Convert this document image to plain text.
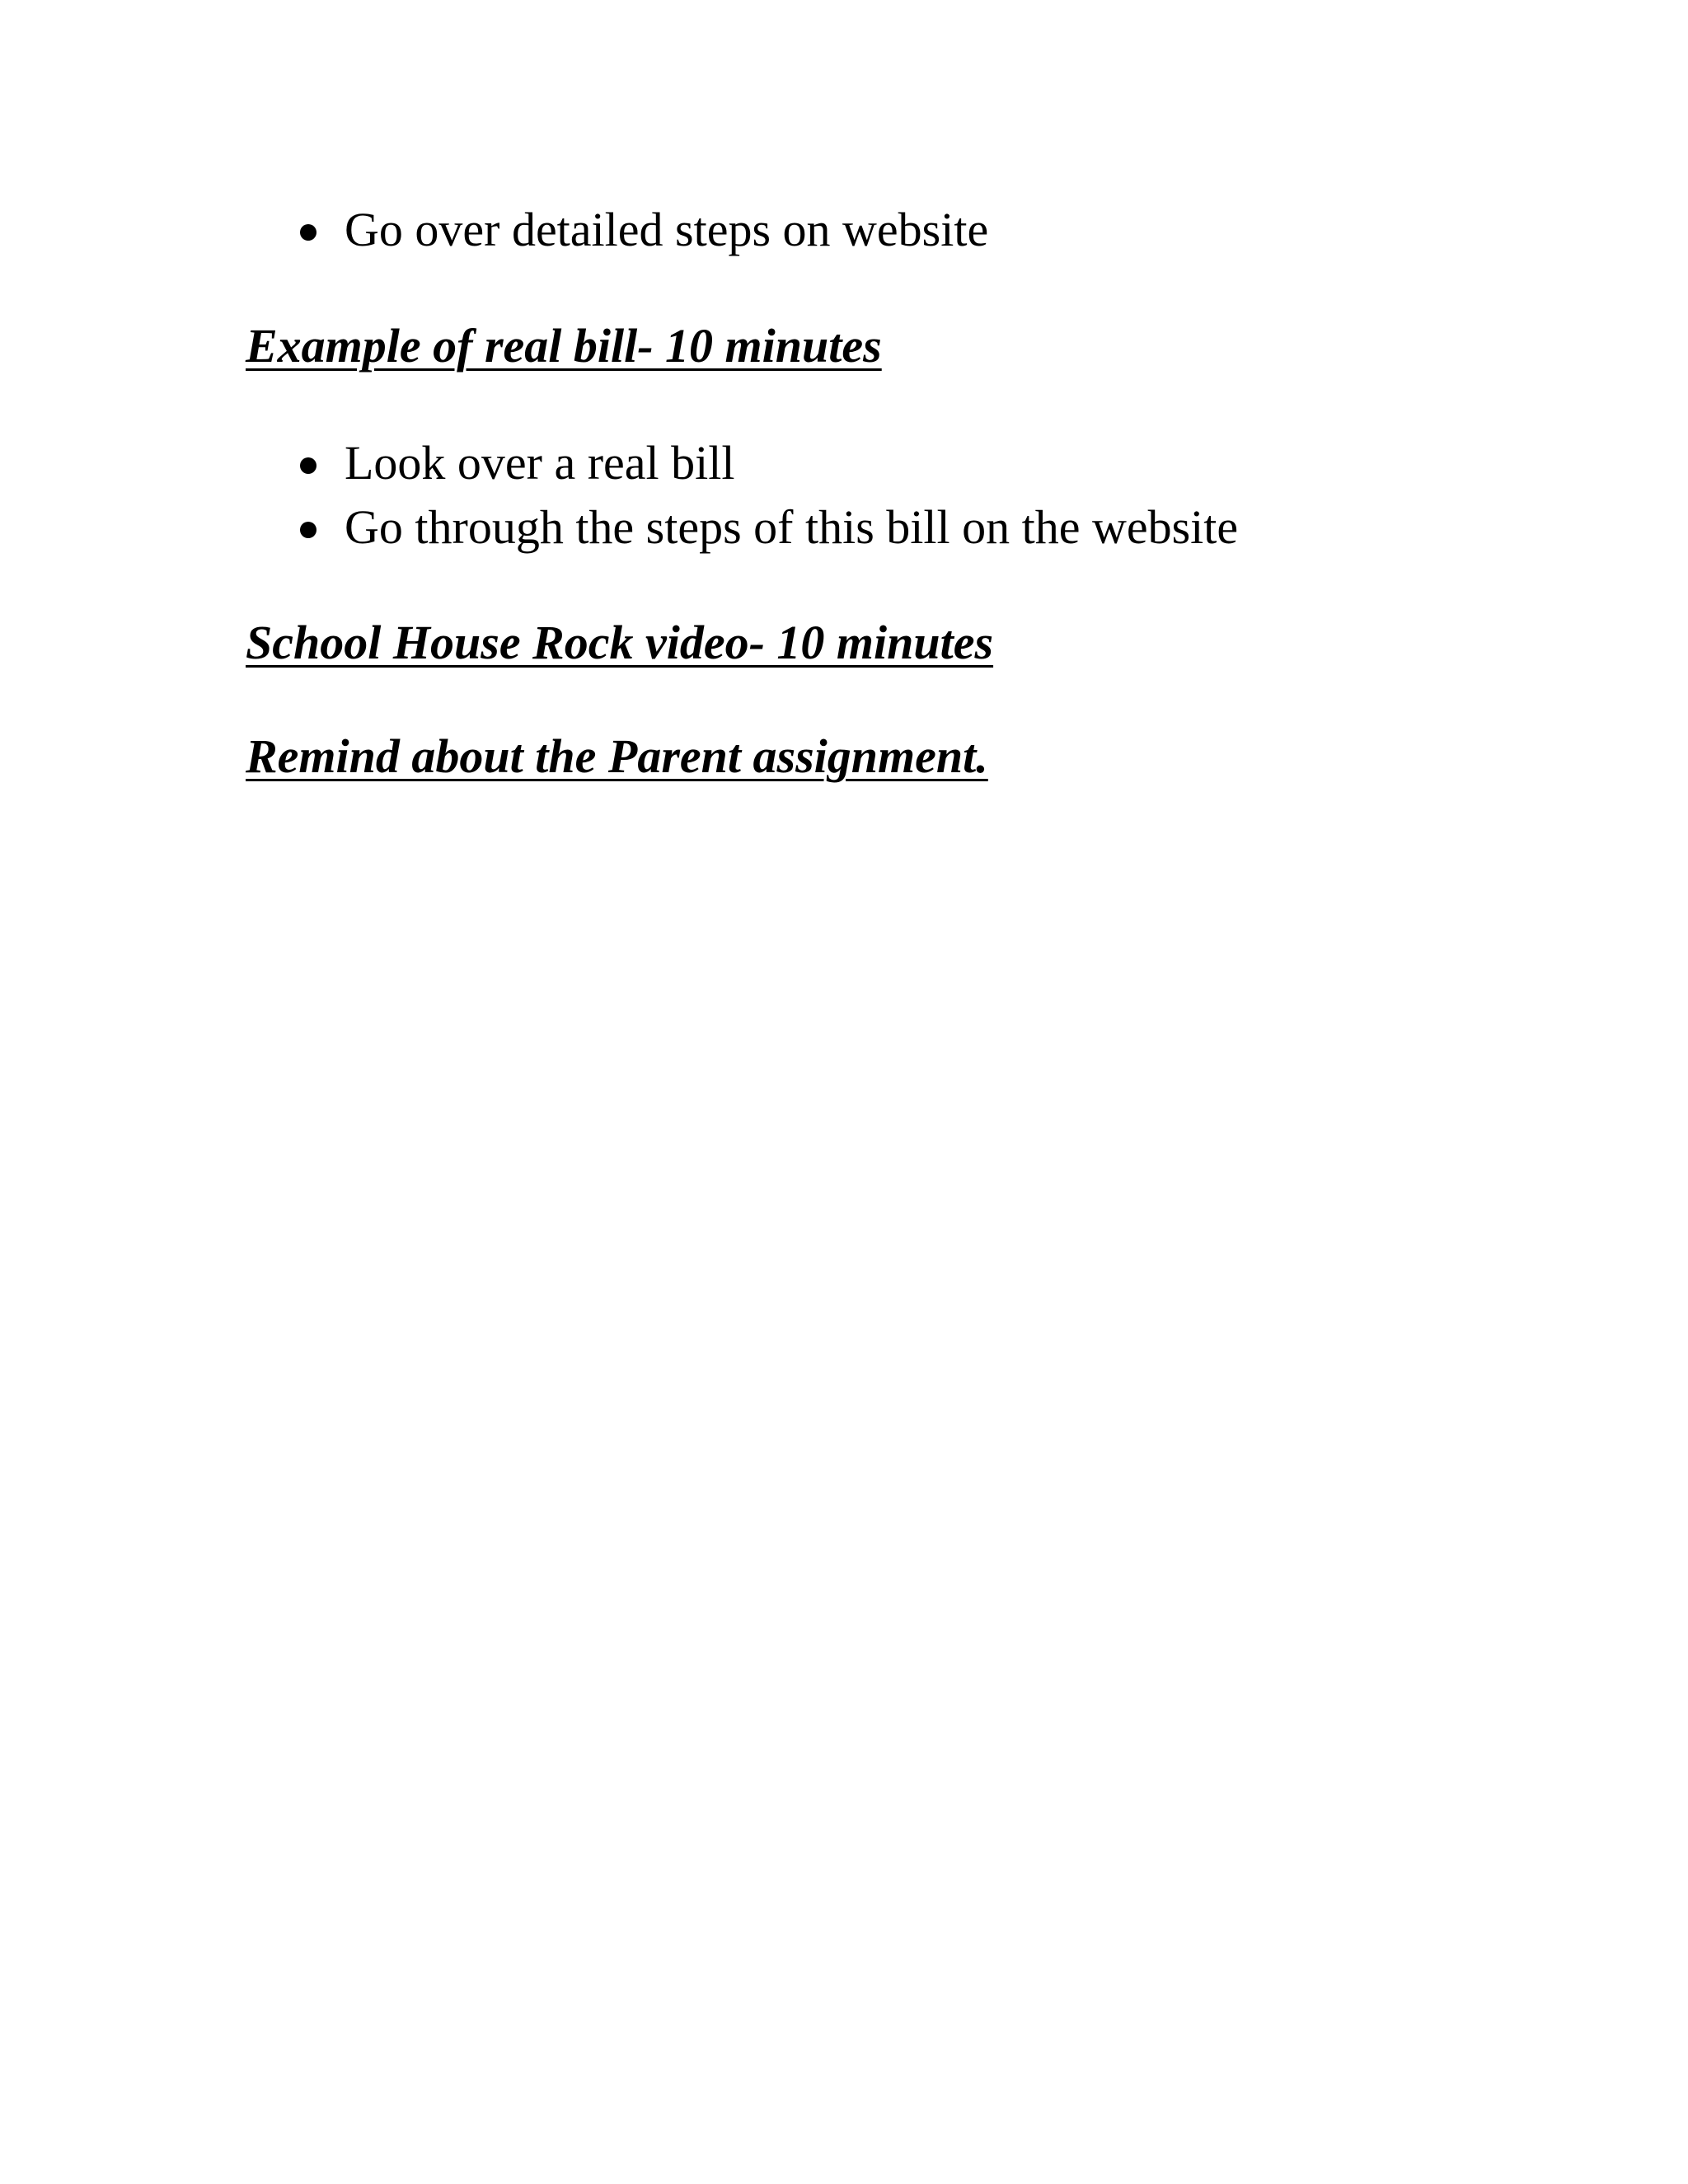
Go over detailed steps on website
Example of real bill- 10 minutes
Look over a real bill
Go through the steps of this bill on the website
School House Rock video- 10 minutes
Remind about the Parent assignment.
